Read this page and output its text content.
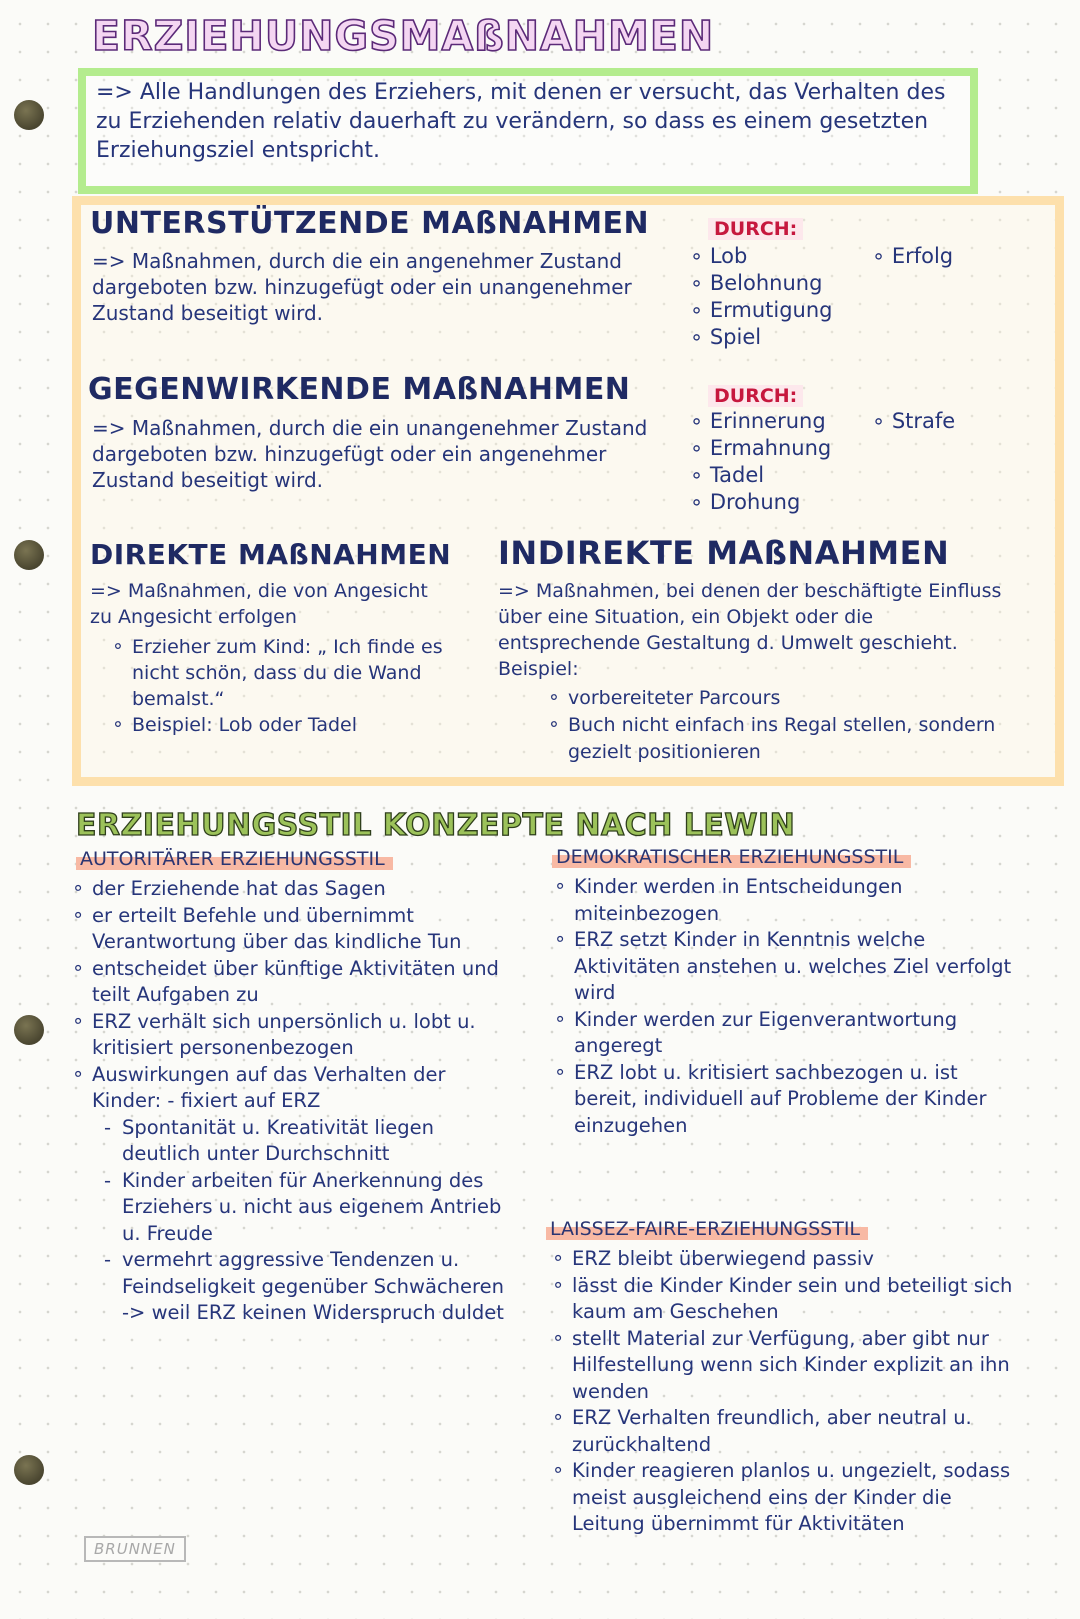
ERZIEHUNGSMAßNAHMEN
=> Alle Handlungen des Erziehers, mit denen er versucht, das Verhalten des zu Erziehenden relativ dauerhaft zu verändern, so dass es einem gesetzten Erziehungsziel entspricht.
UNTERSTÜTZENDE MAßNAHMEN
=> Maßnahmen, durch die ein angenehmer Zustand dargeboten bzw. hinzugefügt oder ein unangenehmer Zustand beseitigt wird.
DURCH:
∘ Lob
∘ Belohnung
∘ Ermutigung
∘ Spiel
∘ Erfolg
GEGENWIRKENDE MAßNAHMEN
=> Maßnahmen, durch die ein unangenehmer Zustand dargeboten bzw. hinzugefügt oder ein angenehmer Zustand beseitigt wird.
DURCH:
∘ Erinnerung
∘ Ermahnung
∘ Tadel
∘ Drohung
∘ Strafe
DIREKTE MAßNAHMEN
=> Maßnahmen, die von Angesicht zu Angesicht erfolgen
∘ Erzieher zum Kind: „ Ich finde es nicht schön, dass du die Wand bemalst.“
∘ Beispiel: Lob oder Tadel
INDIREKTE MAßNAHMEN
=> Maßnahmen, bei denen der beschäftigte Einfluss über eine Situation, ein Objekt oder die entsprechende Gestaltung d. Umwelt geschieht. Beispiel:
∘ vorbereiteter Parcours
∘ Buch nicht einfach ins Regal stellen, sondern gezielt positionieren
ERZIEHUNGSSTIL KONZEPTE NACH LEWIN
AUTORITÄRER ERZIEHUNGSSTIL
∘ der Erziehende hat das Sagen
∘ er erteilt Befehle und übernimmt Verantwortung über das kindliche Tun
∘ entscheidet über künftige Aktivitäten und teilt Aufgaben zu
∘ ERZ verhält sich unpersönlich u. lobt u. kritisiert personenbezogen
∘ Auswirkungen auf das Verhalten der Kinder: - fixiert auf ERZ
- Spontanität u. Kreativität liegen deutlich unter Durchschnitt
- Kinder arbeiten für Anerkennung des Erziehers u. nicht aus eigenem Antrieb u. Freude
- vermehrt aggressive Tendenzen u. Feindseligkeit gegenüber Schwächeren -> weil ERZ keinen Widerspruch duldet
DEMOKRATISCHER ERZIEHUNGSSTIL
∘ Kinder werden in Entscheidungen miteinbezogen
∘ ERZ setzt Kinder in Kenntnis welche Aktivitäten anstehen u. welches Ziel verfolgt wird
∘ Kinder werden zur Eigenverantwortung angeregt
∘ ERZ lobt u. kritisiert sachbezogen u. ist bereit, individuell auf Probleme der Kinder einzugehen
LAISSEZ-FAIRE-ERZIEHUNGSSTIL
∘ ERZ bleibt überwiegend passiv
∘ lässt die Kinder Kinder sein und beteiligt sich kaum am Geschehen
∘ stellt Material zur Verfügung, aber gibt nur Hilfestellung wenn sich Kinder explizit an ihn wenden
∘ ERZ Verhalten freundlich, aber neutral u. zurückhaltend
∘ Kinder reagieren planlos u. ungezielt, sodass meist ausgleichend eins der Kinder die Leitung übernimmt für Aktivitäten
BRUNNEN
